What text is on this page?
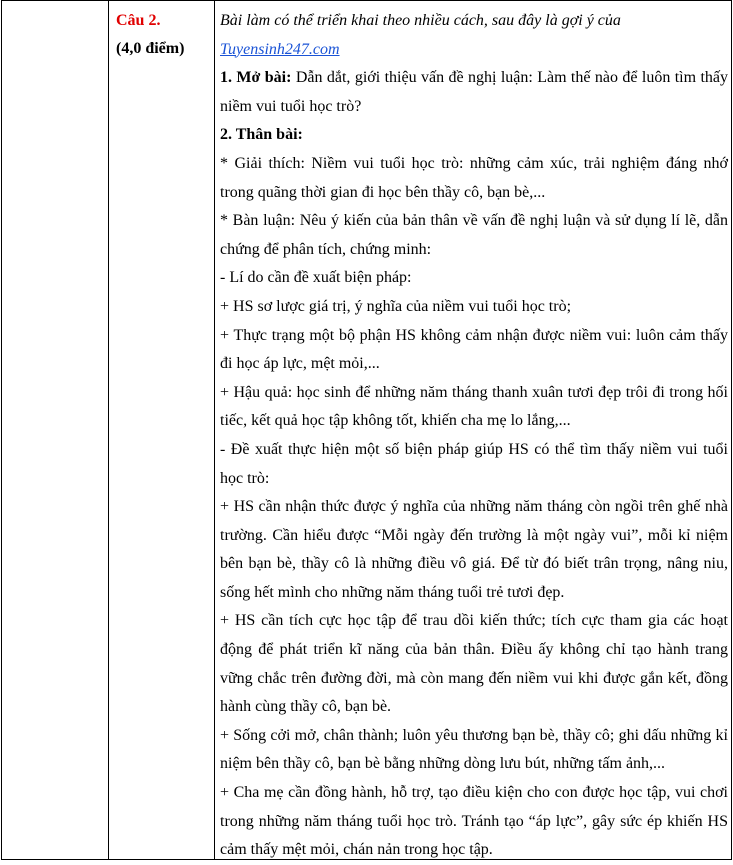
Câu 2.

(4,0 điểm)

Bài làm có thể triển khai theo nhiều cách, sau đây là gợi ý của
Tuyensinh247.com

1. Mở bài: Dẫn dắt, giới thiệu vấn đề nghị luận: Làm thế nào để luôn tìm thấy niềm vui tuổi học trò?

2. Thân bài:

* Giải thích: Niềm vui tuổi học trò: những cảm xúc, trải nghiệm đáng nhớ trong quãng thời gian đi học bên thầy cô, bạn bè,...

* Bàn luận: Nêu ý kiến của bản thân về vấn đề nghị luận và sử dụng lí lẽ, dẫn chứng để phân tích, chứng minh:

- Lí do cần đề xuất biện pháp:

+ HS sơ lược giá trị, ý nghĩa của niềm vui tuổi học trò;

+ Thực trạng một bộ phận HS không cảm nhận được niềm vui: luôn cảm thấy đi học áp lực, mệt mỏi,...

+ Hậu quả: học sinh để những năm tháng thanh xuân tươi đẹp trôi đi trong hối tiếc, kết quả học tập không tốt, khiến cha mẹ lo lắng,...

- Đề xuất thực hiện một số biện pháp giúp HS có thể tìm thấy niềm vui tuổi học trò:

+ HS cần nhận thức được ý nghĩa của những năm tháng còn ngồi trên ghế nhà trường. Cần hiểu được “Mỗi ngày đến trường là một ngày vui”, mỗi kỉ niệm bên bạn bè, thầy cô là những điều vô giá. Để từ đó biết trân trọng, nâng niu, sống hết mình cho những năm tháng tuổi trẻ tươi đẹp.

+ HS cần tích cực học tập để trau dồi kiến thức; tích cực tham gia các hoạt động để phát triển kĩ năng của bản thân. Điều ấy không chỉ tạo hành trang vững chắc trên đường đời, mà còn mang đến niềm vui khi được gắn kết, đồng hành cùng thầy cô, bạn bè.

+ Sống cởi mở, chân thành; luôn yêu thương bạn bè, thầy cô; ghi dấu những kỉ niệm bên thầy cô, bạn bè bằng những dòng lưu bút, những tấm ảnh,...

+ Cha mẹ cần đồng hành, hỗ trợ, tạo điều kiện cho con được học tập, vui chơi trong những năm tháng tuổi học trò. Tránh tạo “áp lực”, gây sức ép khiến HS cảm thấy mệt mỏi, chán nản trong học tập.
